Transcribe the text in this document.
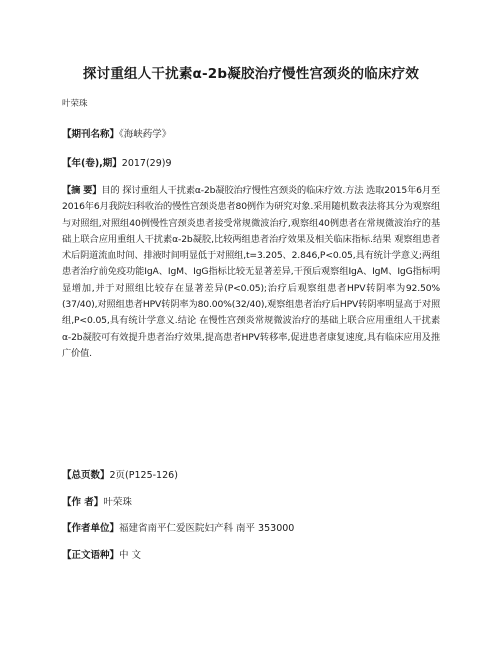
探讨重组人干扰素α-2b凝胶治疗慢性宫颈炎的临床疗效
叶荣珠
【期刊名称】《海峡药学》
【年(卷),期】2017(29)9
【摘 要】目的 探讨重组人干扰素α-2b凝胶治疗慢性宫颈炎的临床疗效.方法 选取2015年6月至2016年6月我院妇科收治的慢性宫颈炎患者80例作为研究对象.采用随机数表法将其分为观察组与对照组,对照组40例慢性宫颈炎患者接受常规微波治疗,观察组40例患者在常规微波治疗的基础上联合应用重组人干扰素α-2b凝胶,比较两组患者治疗效果及相关临床指标.结果 观察组患者术后阴道流血时间、排液时间明显低于对照组,t=3.205、2.846,P<0.05,具有统计学意义;两组患者治疗前免疫功能IgA、IgM、IgG指标比较无显著差异,干预后观察组IgA、IgM、IgG指标明显增加,并于对照组比较存在显著差异(P<0.05);治疗后观察组患者HPV转阴率为92.50%(37/40),对照组患者HPV转阴率为80.00%(32/40),观察组患者治疗后HPV转阴率明显高于对照组,P<0.05,具有统计学意义.结论 在慢性宫颈炎常规微波治疗的基础上联合应用重组人干扰素α-2b凝胶可有效提升患者治疗效果,提高患者HPV转移率,促进患者康复速度,具有临床应用及推广价值.
【总页数】2页(P125-126)
【作 者】叶荣珠
【作者单位】福建省南平仁爱医院妇产科 南平 353000
【正文语种】中 文
